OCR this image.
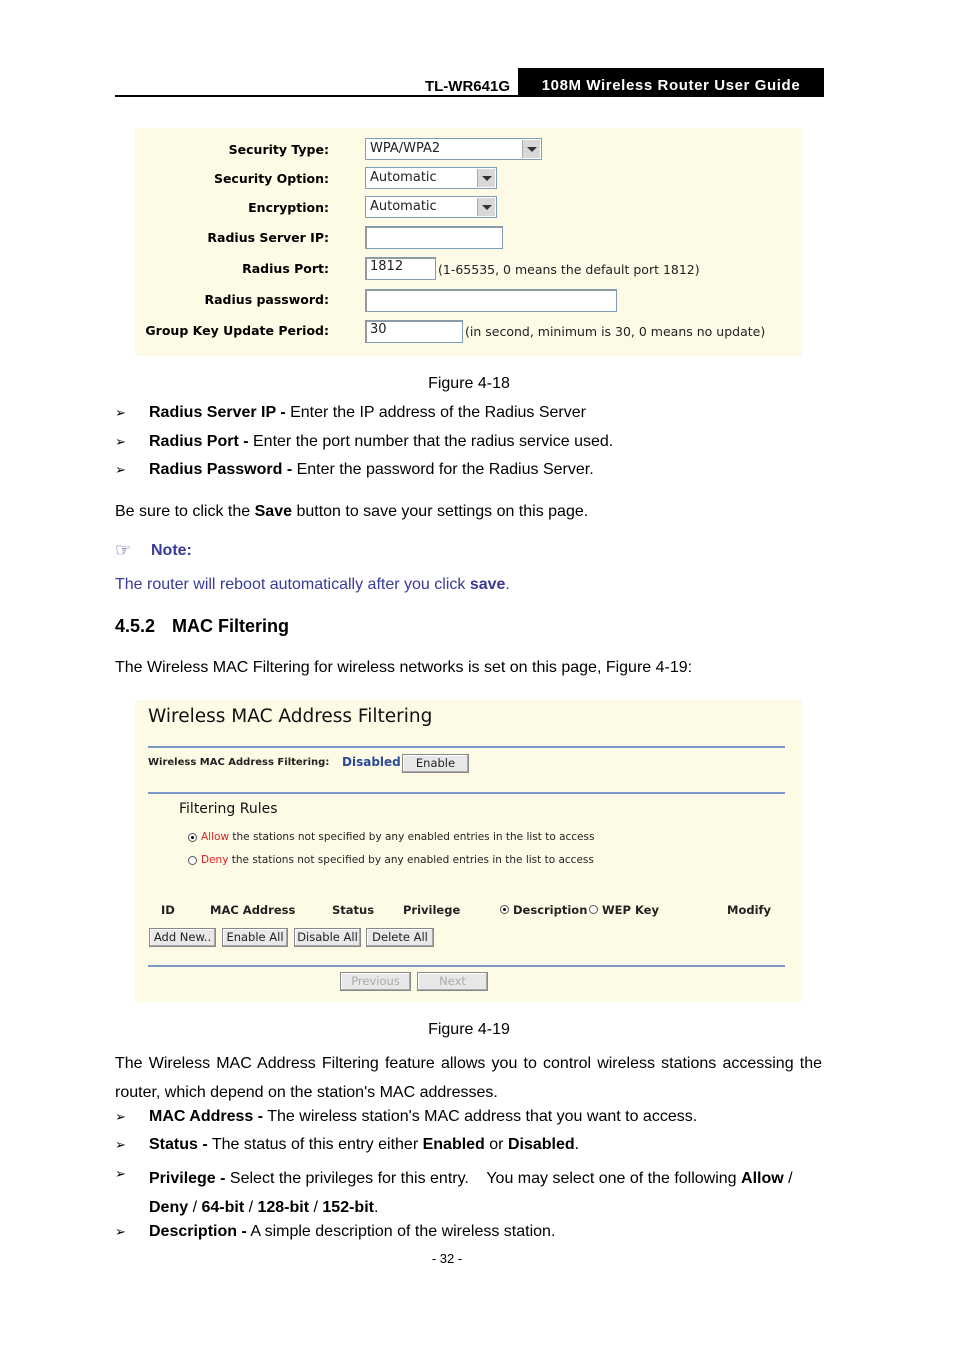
TL-WR641G	108M Wireless Router User Guide
Security Type:	WPA/WPA2
Security Option:	Automatic
Encryption:	Automatic
Radius Server IP:
Radius Port:	1812	(1-65535, 0 means the default port 1812)
Radius password:
Group Key Update Period:	30	(in second, minimum is 30, 0 means no update)
Figure 4-18
➢ Radius Server IP - Enter the IP address of the Radius Server
➢ Radius Port - Enter the port number that the radius service used.
➢ Radius Password - Enter the password for the Radius Server.
Be sure to click the Save button to save your settings on this page.
☞ Note:
The router will reboot automatically after you click save.
4.5.2 MAC Filtering
The Wireless MAC Filtering for wireless networks is set on this page, Figure 4-19:
Wireless MAC Address Filtering
Wireless MAC Address Filtering: Disabled	Enable
Filtering Rules
Allow the stations not specified by any enabled entries in the list to access
Deny the stations not specified by any enabled entries in the list to access
ID	MAC Address	Status	Privilege	Description WEP Key	Modify
Add New..	Enable All	Disable All	Delete All
Previous	Next
Figure 4-19
The Wireless MAC Address Filtering feature allows you to control wireless stations accessing the router, which depend on the station's MAC addresses.
➢ MAC Address - The wireless station's MAC address that you want to access.
➢ Status - The status of this entry either Enabled or Disabled.
➢ Privilege - Select the privileges for this entry.    You may select one of the following Allow / Deny / 64-bit / 128-bit / 152-bit.
➢ Description - A simple description of the wireless station.
- 32 -
